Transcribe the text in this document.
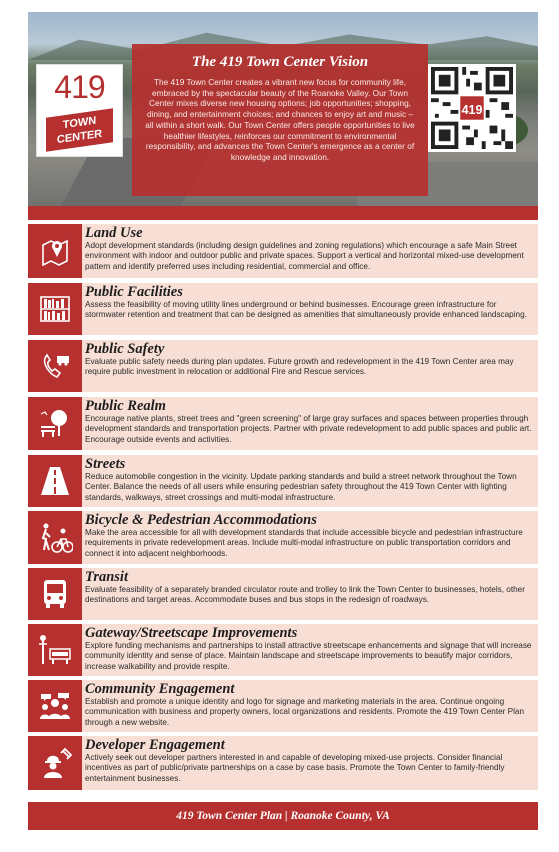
419
TOWN
CENTER
The 419 Town Center Vision

The 419 Town Center creates a vibrant new focus for community life, embraced by the spectacular beauty of the Roanoke Valley. Our Town Center mixes diverse new housing options; job opportunities; shopping, dining, and entertainment choices; and chances to enjoy art and music – all within a short walk. Our Town Center offers people opportunities to live healthier lifestyles, reinforces our commitment to environmental responsibility, and advances the Town Center's emergence as a center of knowledge and innovation.

419
Land Use
Adopt development standards (including design guidelines and zoning regulations) which encourage a safe Main Street environment with indoor and outdoor public and private spaces. Support a vertical and horizontal mixed-use development pattern and identify preferred uses including residential, commercial and office.
Public Facilities
Assess the feasibility of moving utility lines underground or behind businesses. Encourage green infrastructure for stormwater retention and treatment that can be designed as amenities that simultaneously provide enhanced landscaping.
Public Safety
Evaluate public safety needs during plan updates. Future growth and redevelopment in the 419 Town Center area may require public investment in relocation or additional Fire and Rescue services.
Public Realm
Encourage native plants, street trees and "green screening" of large gray surfaces and spaces between properties through development standards and transportation projects. Partner with private redevelopment to add public spaces and public art. Encourage outside events and activities.
Streets
Reduce automobile congestion in the vicinity. Update parking standards and build a street network throughout the Town Center. Balance the needs of all users while ensuring pedestrian safety throughout the 419 Town Center with lighting standards, walkways, street crossings and multi-modal infrastructure.
Bicycle & Pedestrian Accommodations
Make the area accessible for all with development standards that include accessible bicycle and pedestrian infrastructure requirements in private redevelopment areas. Include multi-modal infrastructure on public transportation corridors and connect it into adjacent neighborhoods.
Transit
Evaluate feasibility of a separately branded circulator route and trolley to link the Town Center to businesses, hotels, other destinations and target areas. Accommodate buses and bus stops in the redesign of roadways.
Gateway/Streetscape Improvements
Explore funding mechanisms and partnerships to install attractive streetscape enhancements and signage that will increase community identity and sense of place. Maintain landscape and streetscape improvements to beautify major corridors, increase walkability and provide respite.
Community Engagement
Establish and promote a unique identity and logo for signage and marketing materials in the area. Continue ongoing communication with business and property owners, local organizations and residents. Promote the 419 Town Center Plan through a new website.
Developer Engagement
Actively seek out developer partners interested in and capable of developing mixed-use projects. Consider financial incentives as part of public/private partnerships on a case by case basis. Promote the Town Center to family-friendly entertainment businesses.
419 Town Center Plan | Roanoke County, VA
